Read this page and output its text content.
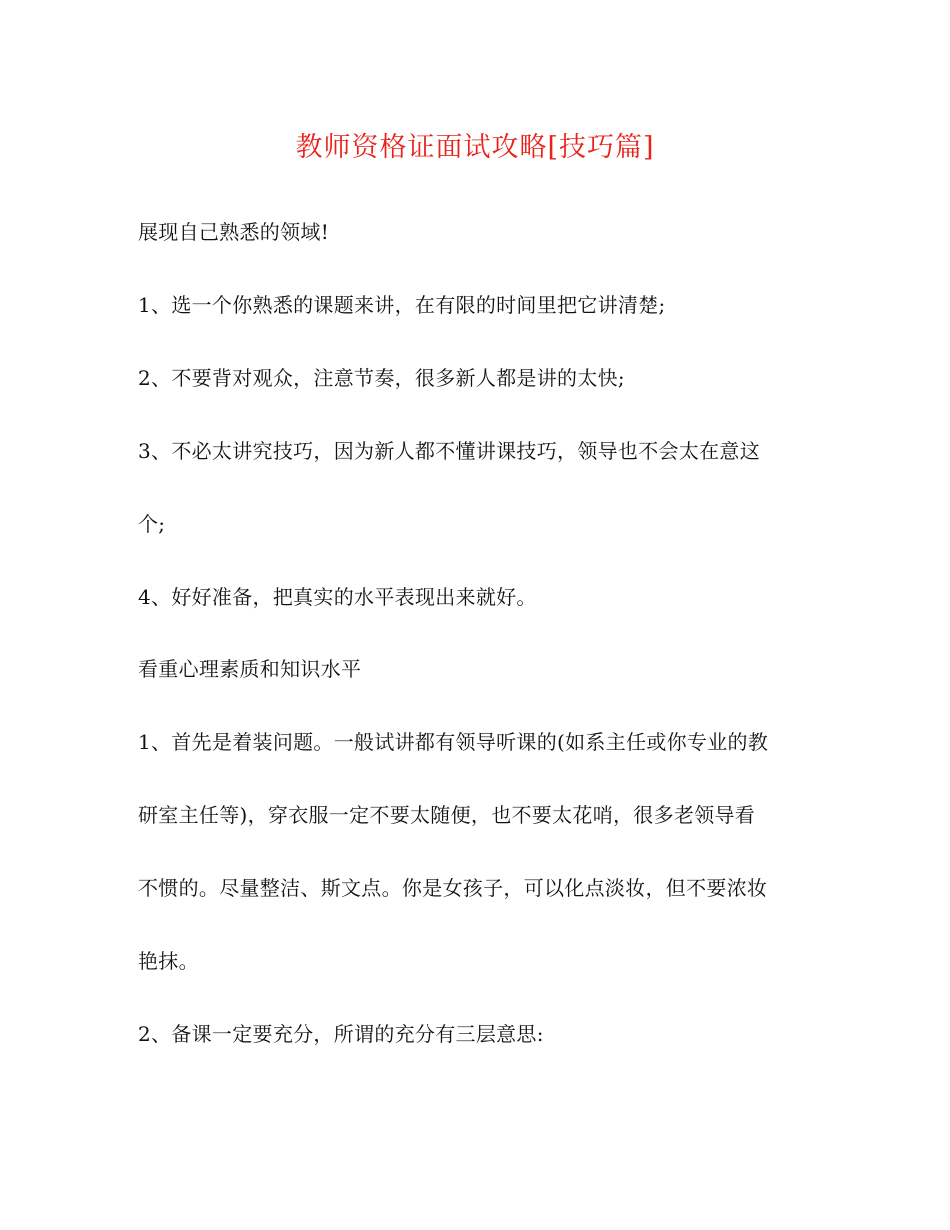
教师资格证面试攻略[技巧篇]

展现自己熟悉的领域!

1、选一个你熟悉的课题来讲，在有限的时间里把它讲清楚;

2、不要背对观众，注意节奏，很多新人都是讲的太快;

3、不必太讲究技巧，因为新人都不懂讲课技巧，领导也不会太在意这

个;

4、好好准备，把真实的水平表现出来就好。

看重心理素质和知识水平

1、首先是着装问题。一般试讲都有领导听课的(如系主任或你专业的教

研室主任等)，穿衣服一定不要太随便，也不要太花哨，很多老领导看

不惯的。尽量整洁、斯文点。你是女孩子，可以化点淡妆，但不要浓妆

艳抹。

2、备课一定要充分，所谓的充分有三层意思:
